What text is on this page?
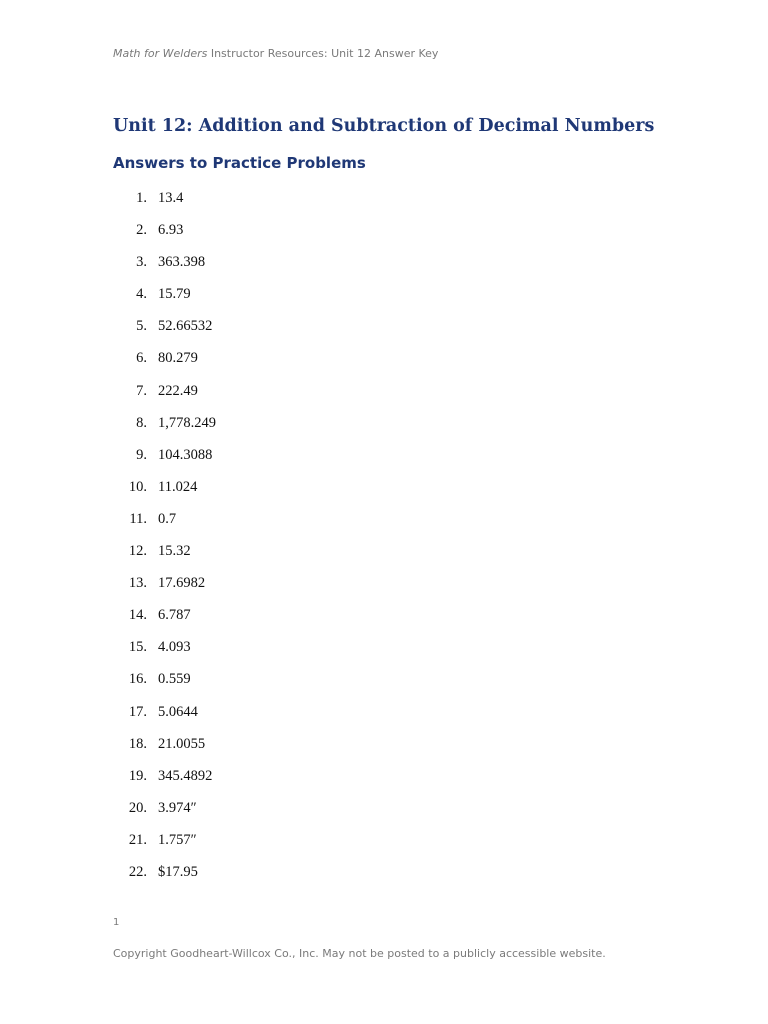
Math for Welders Instructor Resources: Unit 12 Answer Key
Unit 12: Addition and Subtraction of Decimal Numbers
Answers to Practice Problems
1. 13.4
2. 6.93
3. 363.398
4. 15.79
5. 52.66532
6. 80.279
7. 222.49
8. 1,778.249
9. 104.3088
10. 11.024
11. 0.7
12. 15.32
13. 17.6982
14. 6.787
15. 4.093
16. 0.559
17. 5.0644
18. 21.0055
19. 345.4892
20. 3.974″
21. 1.757″
22. $17.95
1
Copyright Goodheart-Willcox Co., Inc. May not be posted to a publicly accessible website.
